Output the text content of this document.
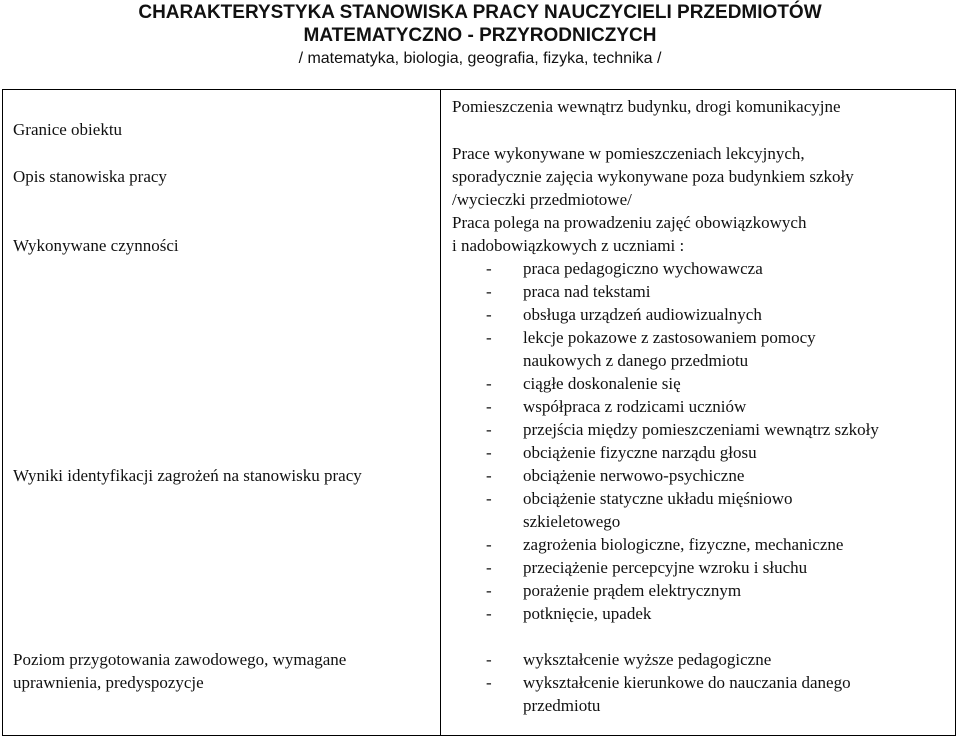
CHARAKTERYSTYKA STANOWISKA PRACY NAUCZYCIELI PRZEDMIOTÓW
MATEMATYCZNO - PRZYRODNICZYCH
/ matematyka, biologia, geografia, fizyka, technika /
Granice obiektu
Pomieszczenia wewnątrz budynku, drogi komunikacyjne
Opis stanowiska pracy
Prace wykonywane w pomieszczeniach lekcyjnych,
sporadycznie zajęcia wykonywane poza budynkiem szkoły
/wycieczki przedmiotowe/
Wykonywane czynności
Praca polega na prowadzeniu zajęć obowiązkowych
i nadobowiązkowych z uczniami :
- praca pedagogiczno wychowawcza
- praca nad tekstami
- obsługa urządzeń audiowizualnych
- lekcje pokazowe z zastosowaniem pomocy
naukowych z danego przedmiotu
- ciągłe doskonalenie się
- współpraca z rodzicami uczniów
- przejścia między pomieszczeniami wewnątrz szkoły
Wyniki identyfikacji zagrożeń na stanowisku pracy
- obciążenie fizyczne narządu głosu
- obciążenie nerwowo-psychiczne
- obciążenie statyczne układu mięśniowo
szkieletowego
- zagrożenia biologiczne, fizyczne, mechaniczne
- przeciążenie percepcyjne wzroku i słuchu
- porażenie prądem elektrycznym
- potknięcie, upadek
Poziom przygotowania zawodowego, wymagane
uprawnienia, predyspozycje
- wykształcenie wyższe pedagogiczne
- wykształcenie kierunkowe do nauczania danego
przedmiotu
